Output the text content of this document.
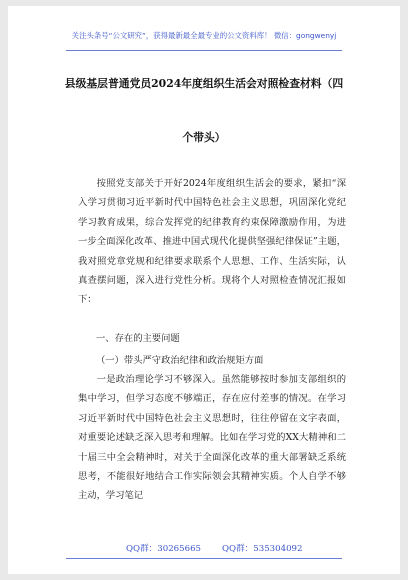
关注头条号“公文研究”，获得最新最全最专业的公文资料库！ 微信：gongwenyj
县级基层普通党员2024年度组织生活会对照检查材料（四
个带头）

按照党支部关于开好2024年度组织生活会的要求，紧扣“深入学习贯彻习近平新时代中国特色社会主义思想，巩固深化党纪学习教育成果，综合发挥党的纪律教育约束保障激励作用，为进一步全面深化改革、推进中国式现代化提供坚强纪律保证”主题，我对照党章党规和纪律要求联系个人思想、工作、生活实际，认真查摆问题，深入进行党性分析。现将个人对照检查情况汇报如下：

一、存在的主要问题
（一）带头严守政治纪律和政治规矩方面

一是政治理论学习不够深入。虽然能够按时参加支部组织的集中学习，但学习态度不够端正，存在应付差事的情况。在学习习近平新时代中国特色社会主义思想时，往往停留在文字表面，对重要论述缺乏深入思考和理解。比如在学习党的XX大精神和二十届三中全会精神时，对关于全面深化改革的重大部署缺乏系统思考，不能很好地结合工作实际领会其精神实质。个人自学不够主动，学习笔记

QQ群：30265665 QQ群：535304092
